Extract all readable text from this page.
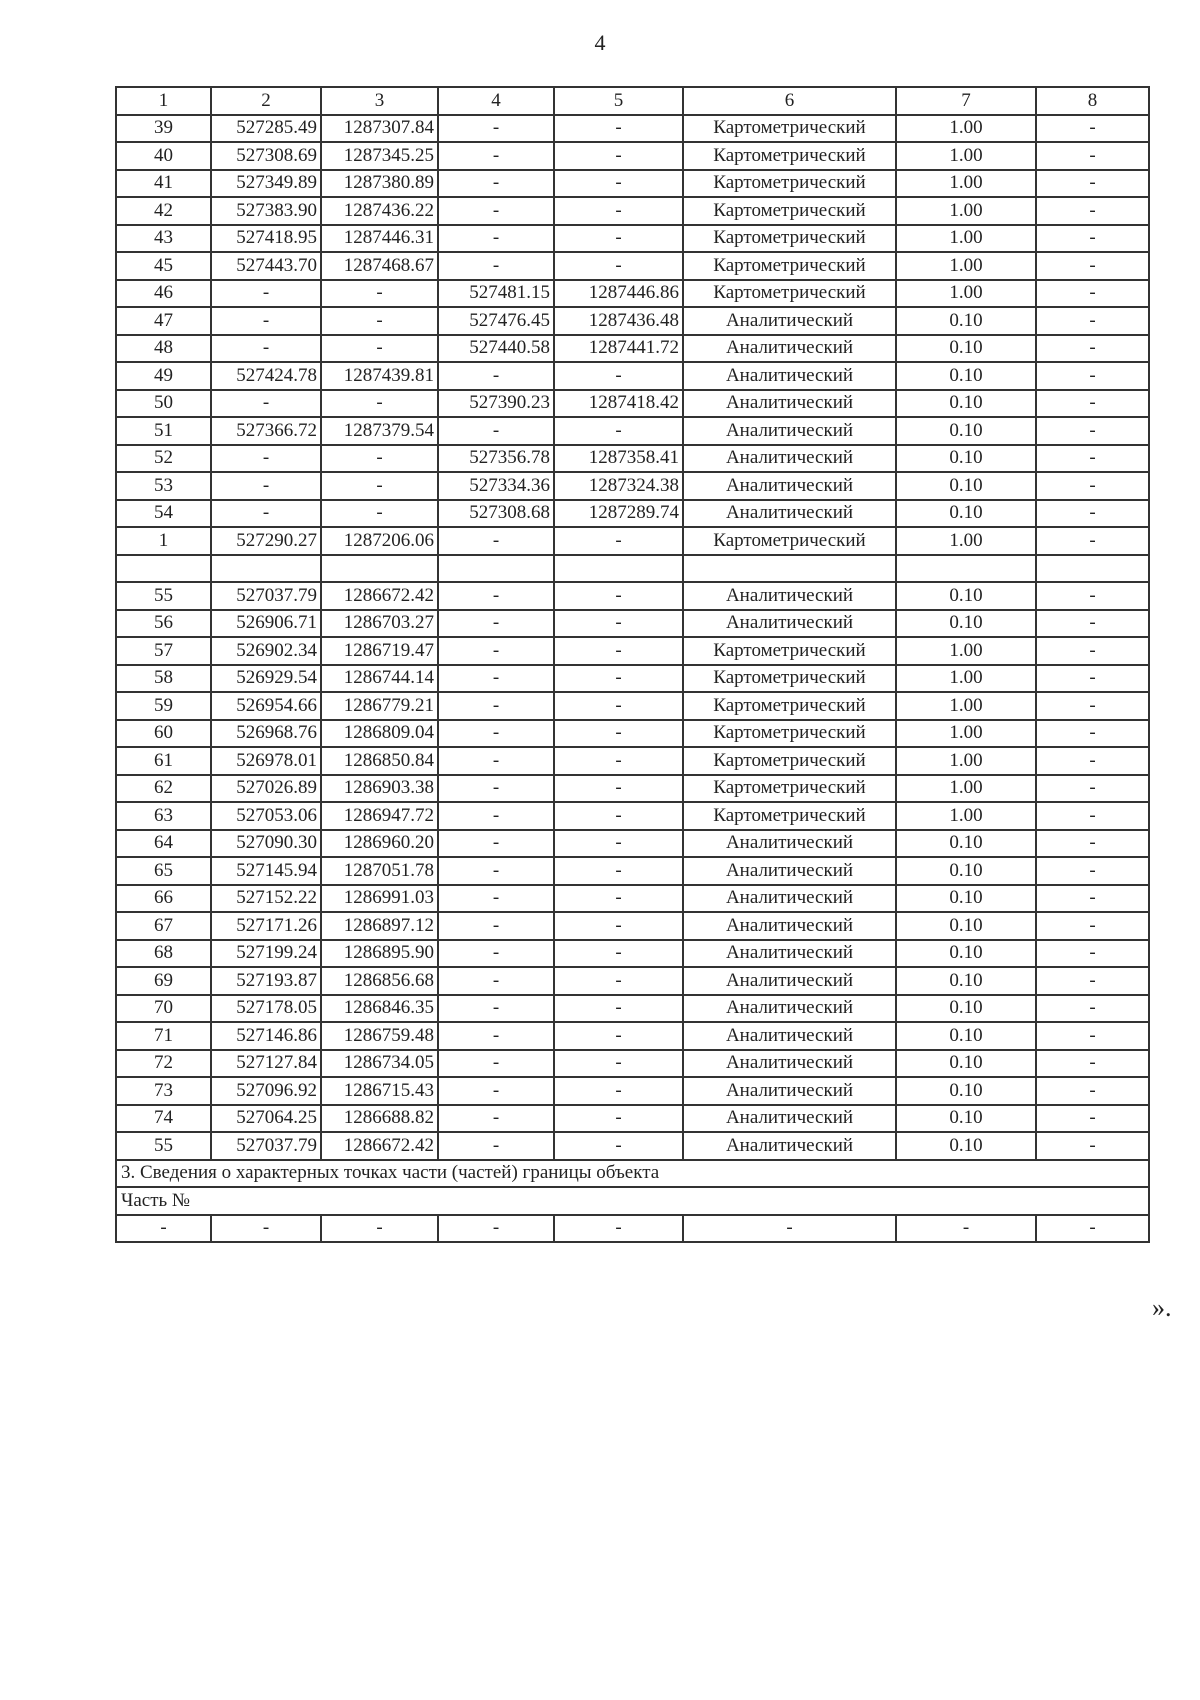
4
1	2	3	4	5	6	7	8
39	527285.49	1287307.84	-	-	Картометрический	1.00	-
40	527308.69	1287345.25	-	-	Картометрический	1.00	-
41	527349.89	1287380.89	-	-	Картометрический	1.00	-
42	527383.90	1287436.22	-	-	Картометрический	1.00	-
43	527418.95	1287446.31	-	-	Картометрический	1.00	-
45	527443.70	1287468.67	-	-	Картометрический	1.00	-
46	-	-	527481.15	1287446.86	Картометрический	1.00	-
47	-	-	527476.45	1287436.48	Аналитический	0.10	-
48	-	-	527440.58	1287441.72	Аналитический	0.10	-
49	527424.78	1287439.81	-	-	Аналитический	0.10	-
50	-	-	527390.23	1287418.42	Аналитический	0.10	-
51	527366.72	1287379.54	-	-	Аналитический	0.10	-
52	-	-	527356.78	1287358.41	Аналитический	0.10	-
53	-	-	527334.36	1287324.38	Аналитический	0.10	-
54	-	-	527308.68	1287289.74	Аналитический	0.10	-
1	527290.27	1287206.06	-	-	Картометрический	1.00	-

55	527037.79	1286672.42	-	-	Аналитический	0.10	-
56	526906.71	1286703.27	-	-	Аналитический	0.10	-
57	526902.34	1286719.47	-	-	Картометрический	1.00	-
58	526929.54	1286744.14	-	-	Картометрический	1.00	-
59	526954.66	1286779.21	-	-	Картометрический	1.00	-
60	526968.76	1286809.04	-	-	Картометрический	1.00	-
61	526978.01	1286850.84	-	-	Картометрический	1.00	-
62	527026.89	1286903.38	-	-	Картометрический	1.00	-
63	527053.06	1286947.72	-	-	Картометрический	1.00	-
64	527090.30	1286960.20	-	-	Аналитический	0.10	-
65	527145.94	1287051.78	-	-	Аналитический	0.10	-
66	527152.22	1286991.03	-	-	Аналитический	0.10	-
67	527171.26	1286897.12	-	-	Аналитический	0.10	-
68	527199.24	1286895.90	-	-	Аналитический	0.10	-
69	527193.87	1286856.68	-	-	Аналитический	0.10	-
70	527178.05	1286846.35	-	-	Аналитический	0.10	-
71	527146.86	1286759.48	-	-	Аналитический	0.10	-
72	527127.84	1286734.05	-	-	Аналитический	0.10	-
73	527096.92	1286715.43	-	-	Аналитический	0.10	-
74	527064.25	1286688.82	-	-	Аналитический	0.10	-
55	527037.79	1286672.42	-	-	Аналитический	0.10	-
3. Сведения о характерных точках части (частей) границы объекта							
Часть №							
-	-	-	-	-	-	-	-
».
